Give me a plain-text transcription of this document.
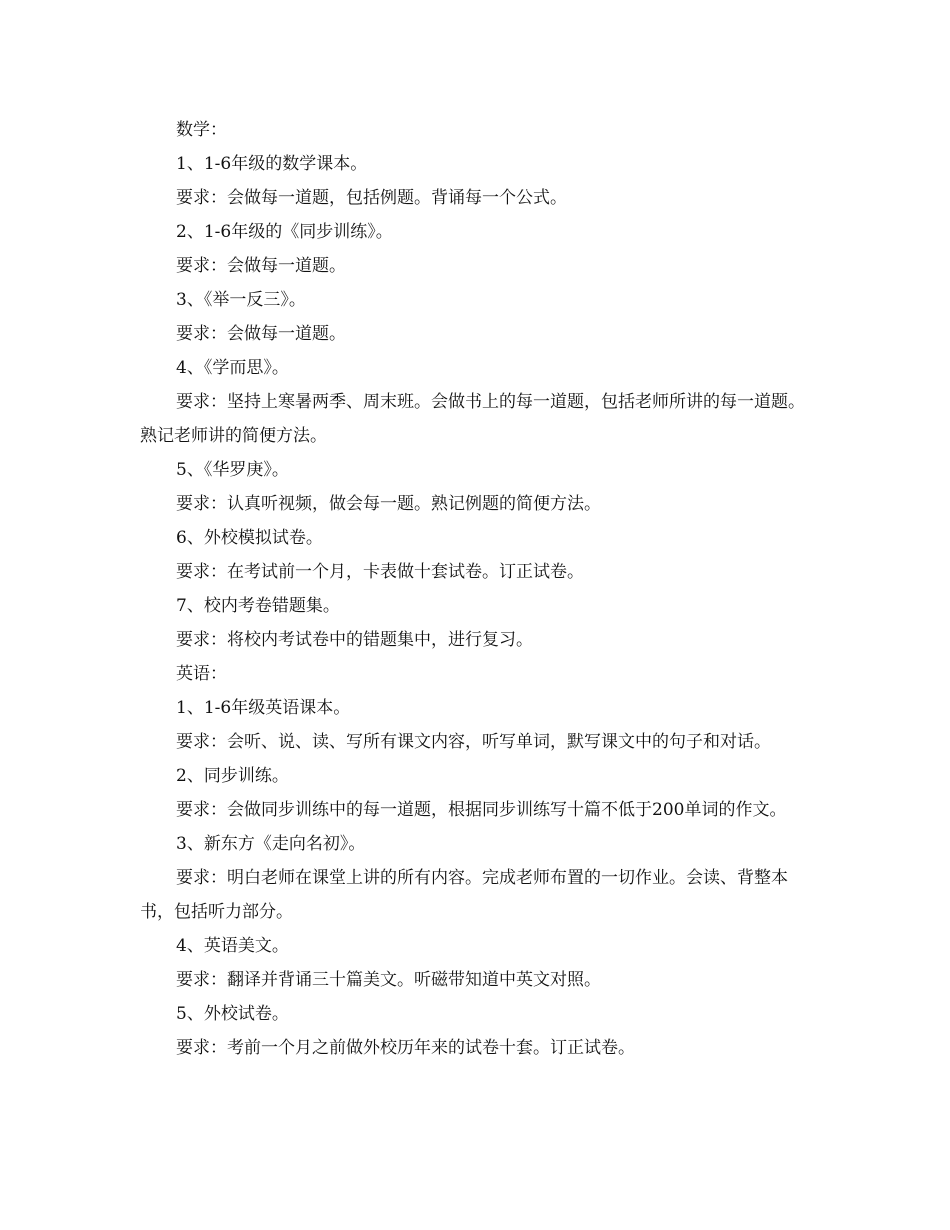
数学：

1、1-6年级的数学课本。

要求：会做每一道题，包括例题。背诵每一个公式。

2、1-6年级的《同步训练》。

要求：会做每一道题。

3、《举一反三》。

要求：会做每一道题。

4、《学而思》。

要求：坚持上寒暑两季、周末班。会做书上的每一道题，包括老师所讲的每一道题。熟记老师讲的简便方法。

5、《华罗庚》。

要求：认真听视频，做会每一题。熟记例题的简便方法。

6、外校模拟试卷。

要求：在考试前一个月，卡表做十套试卷。订正试卷。

7、校内考卷错题集。

要求：将校内考试卷中的错题集中，进行复习。

英语：

1、1-6年级英语课本。

要求：会听、说、读、写所有课文内容，听写单词，默写课文中的句子和对话。

2、同步训练。

要求：会做同步训练中的每一道题，根据同步训练写十篇不低于200单词的作文。

3、新东方《走向名初》。

要求：明白老师在课堂上讲的所有内容。完成老师布置的一切作业。会读、背整本书，包括听力部分。

4、英语美文。

要求：翻译并背诵三十篇美文。听磁带知道中英文对照。

5、外校试卷。

要求：考前一个月之前做外校历年来的试卷十套。订正试卷。
